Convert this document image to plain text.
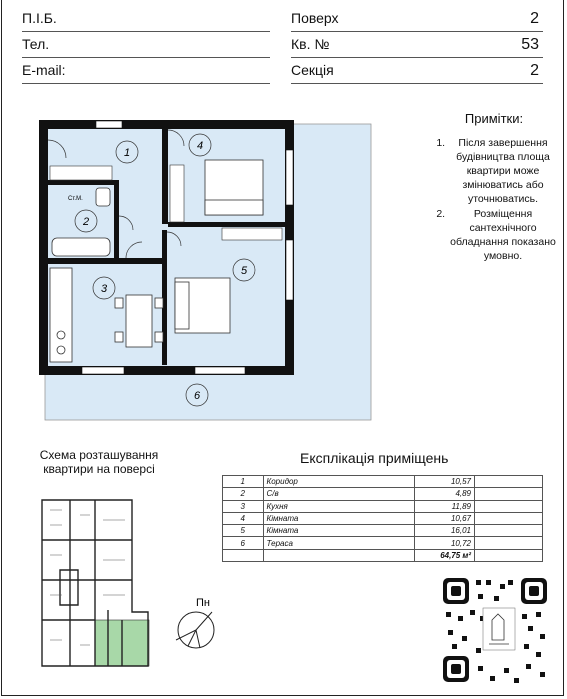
П.І.Б.
Тел.
E-mail:
Поверх	2
Кв. №	53
Секція	2
1
2
3
4
5
6
Ст.М.
Пн
Примітки:
1. Після завершення будівництва площа квартири може змінюватись або уточнюватись.
2. Розміщення сантехнічного обладнання показано умовно.
Схема розташування квартири на поверсі
Експлікація приміщень
1	Коридор	10,57	
2	С/в	4,89	
3	Кухня	11,89	
4	Кімната	10,67	
5	Кімната	16,01	
6	Тераса	10,72	
		64,75 м²	
